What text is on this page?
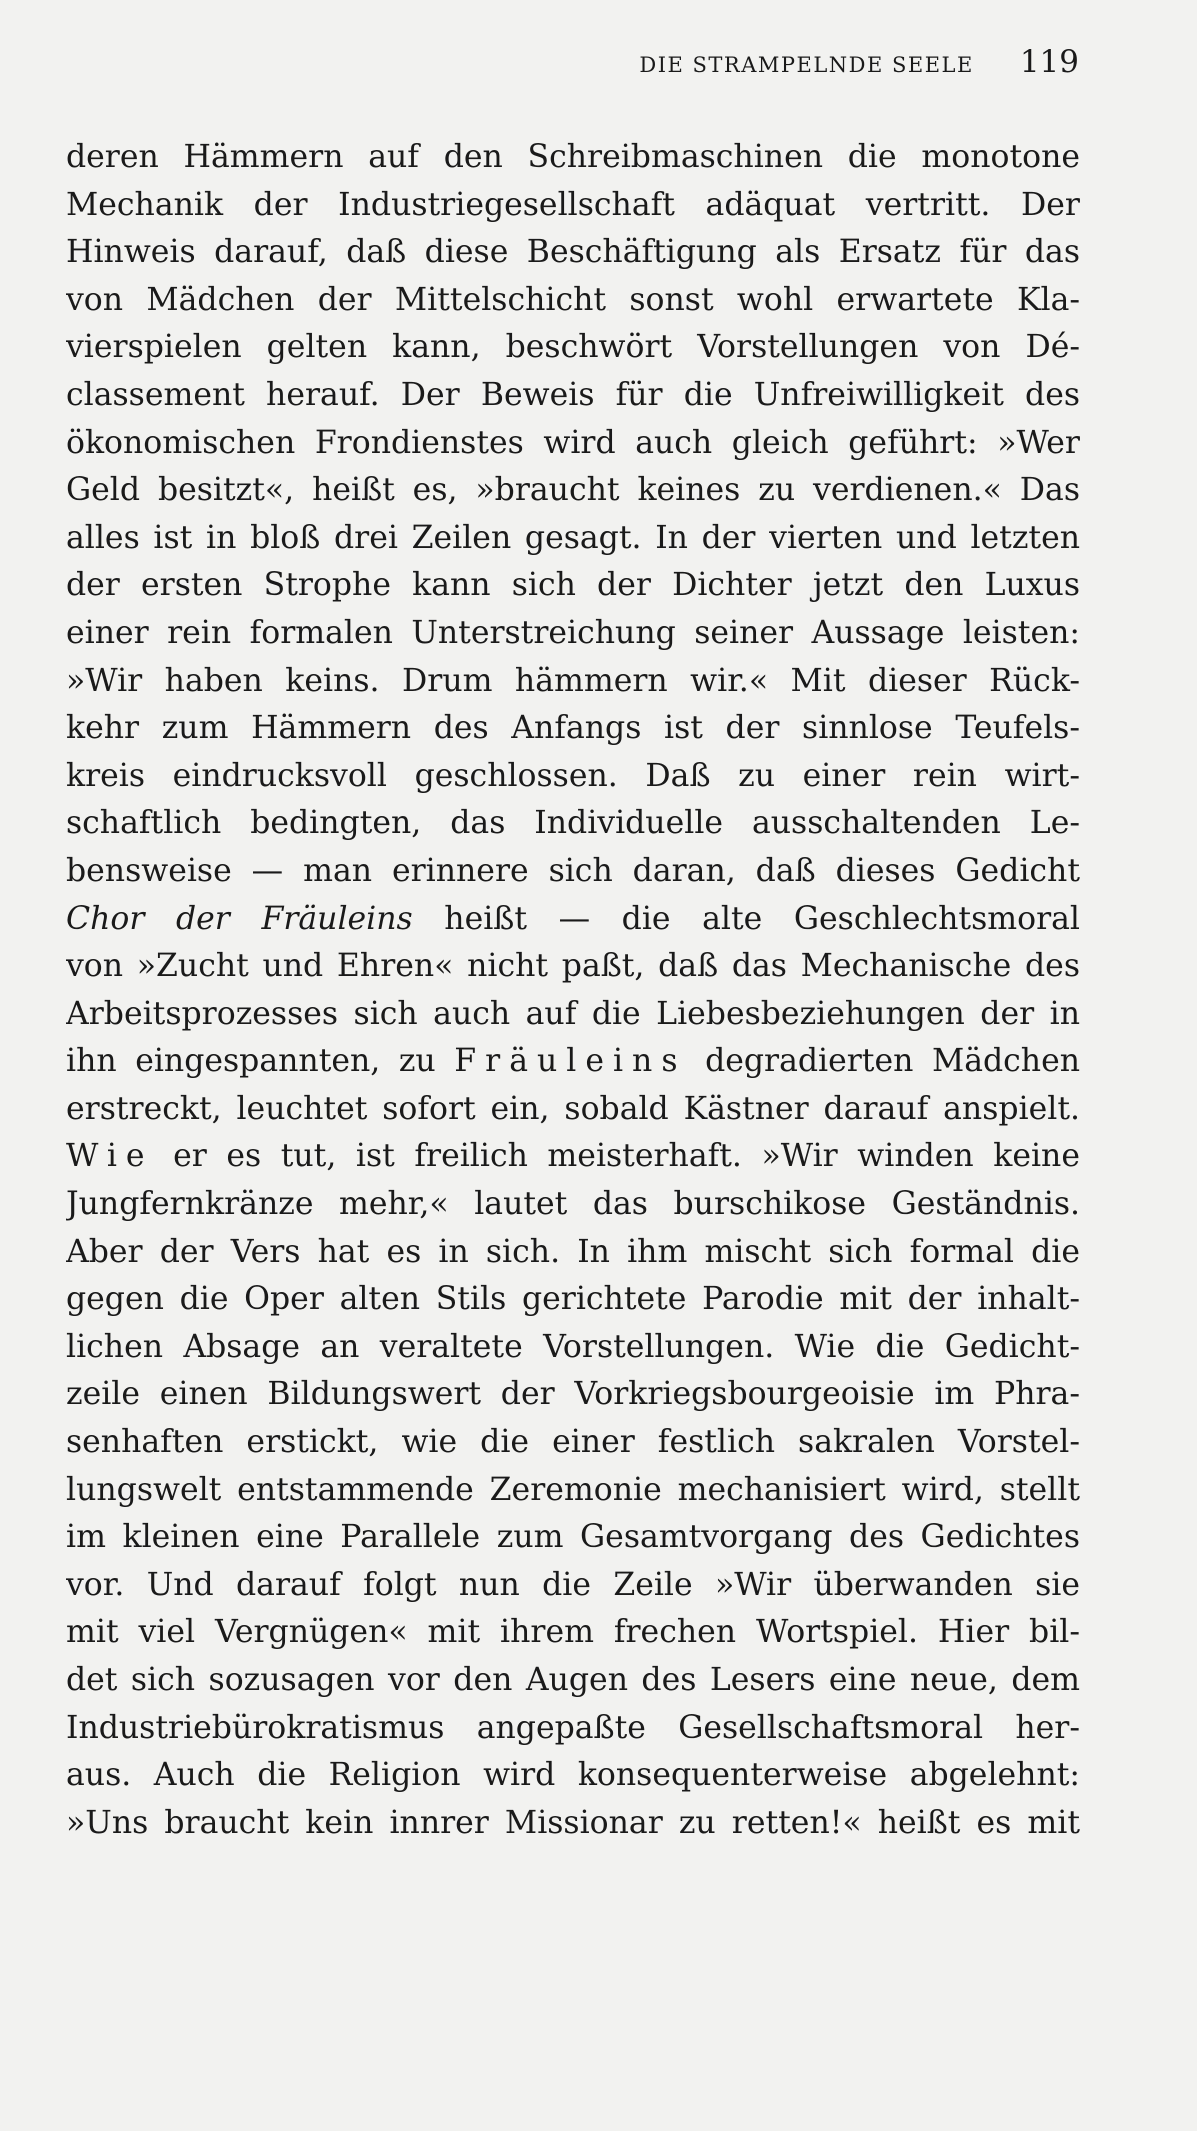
DIE STRAMPELNDE SEELE 119
deren Hämmern auf den Schreibmaschinen die monotone
Mechanik der Industriegesellschaft adäquat vertritt. Der
Hinweis darauf, daß diese Beschäftigung als Ersatz für das
von Mädchen der Mittelschicht sonst wohl erwartete Kla-
vierspielen gelten kann, beschwört Vorstellungen von Dé-
classement herauf. Der Beweis für die Unfreiwilligkeit des
ökonomischen Frondienstes wird auch gleich geführt: »Wer
Geld besitzt«, heißt es, »braucht keines zu verdienen.« Das
alles ist in bloß drei Zeilen gesagt. In der vierten und letzten
der ersten Strophe kann sich der Dichter jetzt den Luxus
einer rein formalen Unterstreichung seiner Aussage leisten:
»Wir haben keins. Drum hämmern wir.« Mit dieser Rück-
kehr zum Hämmern des Anfangs ist der sinnlose Teufels-
kreis eindrucksvoll geschlossen. Daß zu einer rein wirt-
schaftlich bedingten, das Individuelle ausschaltenden Le-
bensweise — man erinnere sich daran, daß dieses Gedicht
Chor der Fräuleins heißt — die alte Geschlechtsmoral
von »Zucht und Ehren« nicht paßt, daß das Mechanische des
Arbeitsprozesses sich auch auf die Liebesbeziehungen der in
ihn eingespannten, zu Fräuleins degradierten Mädchen
erstreckt, leuchtet sofort ein, sobald Kästner darauf anspielt.
Wie er es tut, ist freilich meisterhaft. »Wir winden keine
Jungfernkränze mehr,« lautet das burschikose Geständnis.
Aber der Vers hat es in sich. In ihm mischt sich formal die
gegen die Oper alten Stils gerichtete Parodie mit der inhalt-
lichen Absage an veraltete Vorstellungen. Wie die Gedicht-
zeile einen Bildungswert der Vorkriegsbourgeoisie im Phra-
senhaften erstickt, wie die einer festlich sakralen Vorstel-
lungswelt entstammende Zeremonie mechanisiert wird, stellt
im kleinen eine Parallele zum Gesamtvorgang des Gedichtes
vor. Und darauf folgt nun die Zeile »Wir überwanden sie
mit viel Vergnügen« mit ihrem frechen Wortspiel. Hier bil-
det sich sozusagen vor den Augen des Lesers eine neue, dem
Industriebürokratismus angepaßte Gesellschaftsmoral her-
aus. Auch die Religion wird konsequenterweise abgelehnt:
»Uns braucht kein innrer Missionar zu retten!« heißt es mit
